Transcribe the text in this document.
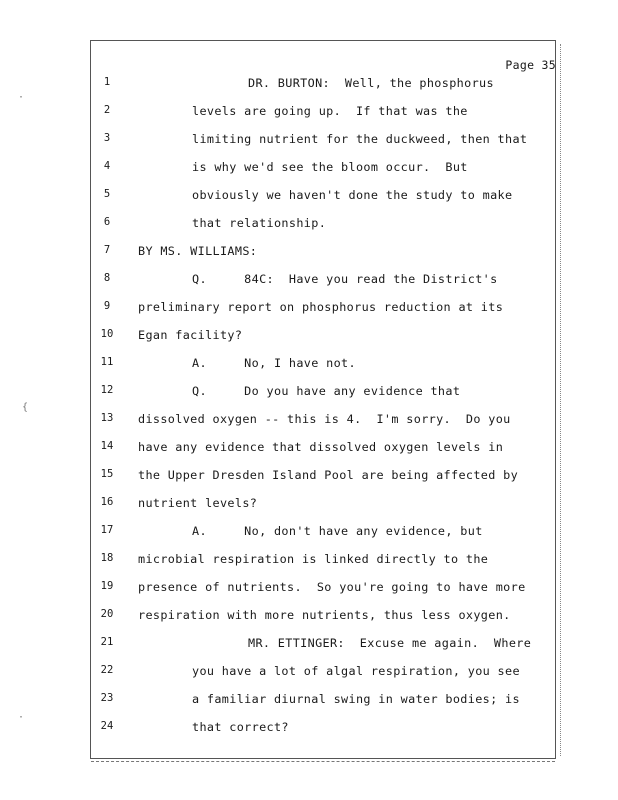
Page 35
·
{
·
1	DR. BURTON:  Well, the phosphorus
2	levels are going up.  If that was the
3	limiting nutrient for the duckweed, then that
4	is why we'd see the bloom occur.  But
5	obviously we haven't done the study to make
6	that relationship.
7	BY MS. WILLIAMS:
8	Q.     84C:  Have you read the District's
9	preliminary report on phosphorus reduction at its
10	Egan facility?
11	A.     No, I have not.
12	Q.     Do you have any evidence that
13	dissolved oxygen -- this is 4.  I'm sorry.  Do you
14	have any evidence that dissolved oxygen levels in
15	the Upper Dresden Island Pool are being affected by
16	nutrient levels?
17	A.     No, don't have any evidence, but
18	microbial respiration is linked directly to the
19	presence of nutrients.  So you're going to have more
20	respiration with more nutrients, thus less oxygen.
21	MR. ETTINGER:  Excuse me again.  Where
22	you have a lot of algal respiration, you see
23	a familiar diurnal swing in water bodies; is
24	that correct?
